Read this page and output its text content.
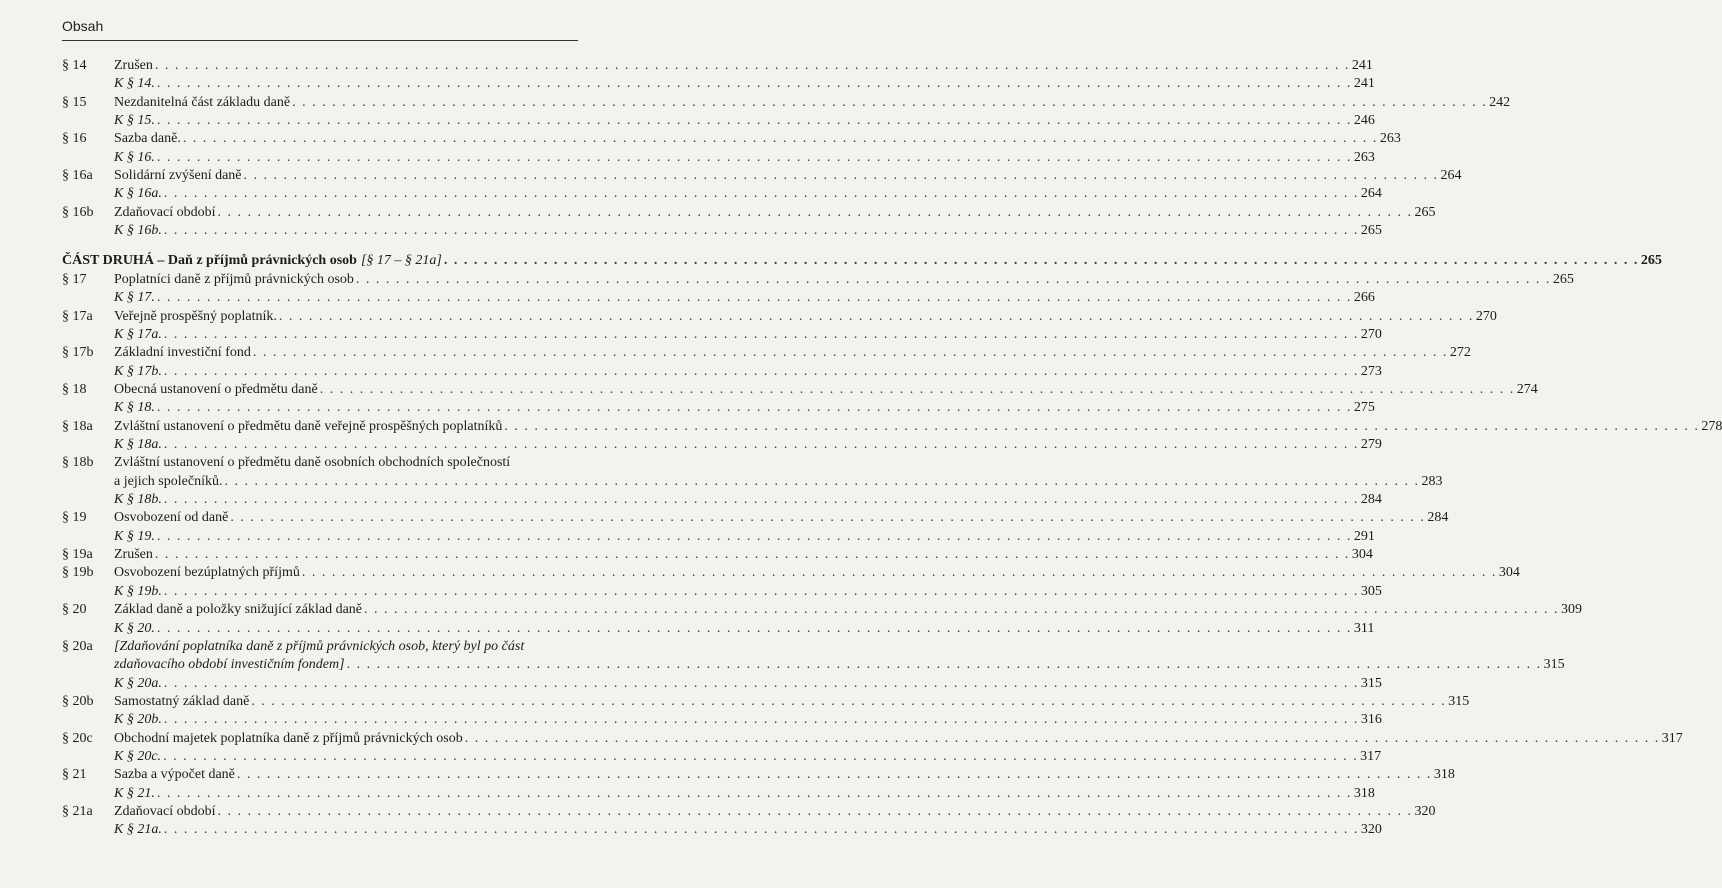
Obsah
§ 14 Zrušen . . . . . . . . . . . . . . . . . . . . . . . . . . . . . . . . . . . . . . . . . . . . . . . . . . . . . . . . . . . . . . . . . . . . . . . . . . . . . . . . . . . . . . . . . . . . . . . . . . . . . . . . . . . . . . . . . . . . . . . . 241
K § 14. . . . . . . . . . . . . . . . . . . . . . . . . . . . . . . . . . . . . . . . . . . . . . . . . . . . . . . . . . . . . . . . . . . . . . . . . . . . . . . . . . . . . . . . . . . . . . . . . . . . . . . . . . . . . . . . . . . . . . . . . 241
§ 15 Nezdanitelná část základu daně . . . . . . . . . . . . . . . . . . . . . . . . . . . . . . . . . . . . . . . . . . . . . . . . . . . . . . . . . . . . . . . . . . . . . . . . . . . . . . . . . . . . . . . . . . . . . . . . . . . . . . . . . . . . . . . . . . . . . . . . 242
K § 15. . . . . . . . . . . . . . . . . . . . . . . . . . . . . . . . . . . . . . . . . . . . . . . . . . . . . . . . . . . . . . . . . . . . . . . . . . . . . . . . . . . . . . . . . . . . . . . . . . . . . . . . . . . . . . . . . . . . . . . . . 246
§ 16 Sazba daně. . . . . . . . . . . . . . . . . . . . . . . . . . . . . . . . . . . . . . . . . . . . . . . . . . . . . . . . . . . . . . . . . . . . . . . . . . . . . . . . . . . . . . . . . . . . . . . . . . . . . . . . . . . . . . . . . . . . . . . . . 263
K § 16. . . . . . . . . . . . . . . . . . . . . . . . . . . . . . . . . . . . . . . . . . . . . . . . . . . . . . . . . . . . . . . . . . . . . . . . . . . . . . . . . . . . . . . . . . . . . . . . . . . . . . . . . . . . . . . . . . . . . . . . . 263
§ 16a Solidární zvýšení daně . . . . . . . . . . . . . . . . . . . . . . . . . . . . . . . . . . . . . . . . . . . . . . . . . . . . . . . . . . . . . . . . . . . . . . . . . . . . . . . . . . . . . . . . . . . . . . . . . . . . . . . . . . . . . . . . . . . . . . . . 264
K § 16a. . . . . . . . . . . . . . . . . . . . . . . . . . . . . . . . . . . . . . . . . . . . . . . . . . . . . . . . . . . . . . . . . . . . . . . . . . . . . . . . . . . . . . . . . . . . . . . . . . . . . . . . . . . . . . . . . . . . . . . . . 264
§ 16b Zdaňovací období . . . . . . . . . . . . . . . . . . . . . . . . . . . . . . . . . . . . . . . . . . . . . . . . . . . . . . . . . . . . . . . . . . . . . . . . . . . . . . . . . . . . . . . . . . . . . . . . . . . . . . . . . . . . . . . . . . . . . . . . 265
K § 16b. . . . . . . . . . . . . . . . . . . . . . . . . . . . . . . . . . . . . . . . . . . . . . . . . . . . . . . . . . . . . . . . . . . . . . . . . . . . . . . . . . . . . . . . . . . . . . . . . . . . . . . . . . . . . . . . . . . . . . . . . 265
ČÁST DRUHÁ – Daň z příjmů právnických osob [§ 17 – § 21a] . . . . . . . . . . . . . . . . . . . . . . . . . . . . . . . . . . . . . . . . . . . . . . . . . . . . . . . . . . . . . . . . . . . . . . . . . . . . . . . . . . . . . . . . . . . . . . . . . . . . . . . . . . . . . . . . . . . . . . . . 265
§ 17 Poplatníci daně z příjmů právnických osob . . . . . . . . . . . . . . . . . . . . . . . . . . . . . . . . . . . . . . . . . . . . . . . . . . . . . . . . . . . . . . . . . . . . . . . . . . . . . . . . . . . . . . . . . . . . . . . . . . . . . . . . . . . . . . . . . . . . . . . . 265
K § 17. . . . . . . . . . . . . . . . . . . . . . . . . . . . . . . . . . . . . . . . . . . . . . . . . . . . . . . . . . . . . . . . . . . . . . . . . . . . . . . . . . . . . . . . . . . . . . . . . . . . . . . . . . . . . . . . . . . . . . . . . 266
§ 17a Veřejně prospěšný poplatník. . . . . . . . . . . . . . . . . . . . . . . . . . . . . . . . . . . . . . . . . . . . . . . . . . . . . . . . . . . . . . . . . . . . . . . . . . . . . . . . . . . . . . . . . . . . . . . . . . . . . . . . . . . . . . . . . . . . . . . . . 270
K § 17a. . . . . . . . . . . . . . . . . . . . . . . . . . . . . . . . . . . . . . . . . . . . . . . . . . . . . . . . . . . . . . . . . . . . . . . . . . . . . . . . . . . . . . . . . . . . . . . . . . . . . . . . . . . . . . . . . . . . . . . . . 270
§ 17b Základní investiční fond . . . . . . . . . . . . . . . . . . . . . . . . . . . . . . . . . . . . . . . . . . . . . . . . . . . . . . . . . . . . . . . . . . . . . . . . . . . . . . . . . . . . . . . . . . . . . . . . . . . . . . . . . . . . . . . . . . . . . . . . 272
K § 17b. . . . . . . . . . . . . . . . . . . . . . . . . . . . . . . . . . . . . . . . . . . . . . . . . . . . . . . . . . . . . . . . . . . . . . . . . . . . . . . . . . . . . . . . . . . . . . . . . . . . . . . . . . . . . . . . . . . . . . . . . 273
§ 18 Obecná ustanovení o předmětu daně . . . . . . . . . . . . . . . . . . . . . . . . . . . . . . . . . . . . . . . . . . . . . . . . . . . . . . . . . . . . . . . . . . . . . . . . . . . . . . . . . . . . . . . . . . . . . . . . . . . . . . . . . . . . . . . . . . . . . . . . 274
K § 18. . . . . . . . . . . . . . . . . . . . . . . . . . . . . . . . . . . . . . . . . . . . . . . . . . . . . . . . . . . . . . . . . . . . . . . . . . . . . . . . . . . . . . . . . . . . . . . . . . . . . . . . . . . . . . . . . . . . . . . . . 275
§ 18a Zvláštní ustanovení o předmětu daně veřejně prospěšných poplatníků . . . . . . . . . . . . . . . . . . . . . . . . . . . . . . . . . . . . . . . . . . . . . . . . . . . . . . . . . . . . . . . . . . . . . . . . . . . . . . . . . . . . . . . . . . . . . . . . . . . . . . . . . . . . . . . . . . . . . . . . 278
K § 18a. . . . . . . . . . . . . . . . . . . . . . . . . . . . . . . . . . . . . . . . . . . . . . . . . . . . . . . . . . . . . . . . . . . . . . . . . . . . . . . . . . . . . . . . . . . . . . . . . . . . . . . . . . . . . . . . . . . . . . . . . 279
§ 18b Zvláštní ustanovení o předmětu daně osobních obchodních společností
a jejich společníků. . . . . . . . . . . . . . . . . . . . . . . . . . . . . . . . . . . . . . . . . . . . . . . . . . . . . . . . . . . . . . . . . . . . . . . . . . . . . . . . . . . . . . . . . . . . . . . . . . . . . . . . . . . . . . . . . . . . . . . . . 283
K § 18b. . . . . . . . . . . . . . . . . . . . . . . . . . . . . . . . . . . . . . . . . . . . . . . . . . . . . . . . . . . . . . . . . . . . . . . . . . . . . . . . . . . . . . . . . . . . . . . . . . . . . . . . . . . . . . . . . . . . . . . . . 284
§ 19 Osvobození od daně . . . . . . . . . . . . . . . . . . . . . . . . . . . . . . . . . . . . . . . . . . . . . . . . . . . . . . . . . . . . . . . . . . . . . . . . . . . . . . . . . . . . . . . . . . . . . . . . . . . . . . . . . . . . . . . . . . . . . . . . 284
K § 19. . . . . . . . . . . . . . . . . . . . . . . . . . . . . . . . . . . . . . . . . . . . . . . . . . . . . . . . . . . . . . . . . . . . . . . . . . . . . . . . . . . . . . . . . . . . . . . . . . . . . . . . . . . . . . . . . . . . . . . . . 291
§ 19a Zrušen . . . . . . . . . . . . . . . . . . . . . . . . . . . . . . . . . . . . . . . . . . . . . . . . . . . . . . . . . . . . . . . . . . . . . . . . . . . . . . . . . . . . . . . . . . . . . . . . . . . . . . . . . . . . . . . . . . . . . . . . 304
§ 19b Osvobození bezúplatných příjmů . . . . . . . . . . . . . . . . . . . . . . . . . . . . . . . . . . . . . . . . . . . . . . . . . . . . . . . . . . . . . . . . . . . . . . . . . . . . . . . . . . . . . . . . . . . . . . . . . . . . . . . . . . . . . . . . . . . . . . . . 304
K § 19b. . . . . . . . . . . . . . . . . . . . . . . . . . . . . . . . . . . . . . . . . . . . . . . . . . . . . . . . . . . . . . . . . . . . . . . . . . . . . . . . . . . . . . . . . . . . . . . . . . . . . . . . . . . . . . . . . . . . . . . . . 305
§ 20 Základ daně a položky snižující základ daně . . . . . . . . . . . . . . . . . . . . . . . . . . . . . . . . . . . . . . . . . . . . . . . . . . . . . . . . . . . . . . . . . . . . . . . . . . . . . . . . . . . . . . . . . . . . . . . . . . . . . . . . . . . . . . . . . . . . . . . . 309
K § 20. . . . . . . . . . . . . . . . . . . . . . . . . . . . . . . . . . . . . . . . . . . . . . . . . . . . . . . . . . . . . . . . . . . . . . . . . . . . . . . . . . . . . . . . . . . . . . . . . . . . . . . . . . . . . . . . . . . . . . . . . 311
§ 20a [Zdaňování poplatníka daně z příjmů právnických osob, který byl po část
zdaňovacího období investičním fondem] . . . . . . . . . . . . . . . . . . . . . . . . . . . . . . . . . . . . . . . . . . . . . . . . . . . . . . . . . . . . . . . . . . . . . . . . . . . . . . . . . . . . . . . . . . . . . . . . . . . . . . . . . . . . . . . . . . . . . . . . 315
K § 20a. . . . . . . . . . . . . . . . . . . . . . . . . . . . . . . . . . . . . . . . . . . . . . . . . . . . . . . . . . . . . . . . . . . . . . . . . . . . . . . . . . . . . . . . . . . . . . . . . . . . . . . . . . . . . . . . . . . . . . . . . 315
§ 20b Samostatný základ daně . . . . . . . . . . . . . . . . . . . . . . . . . . . . . . . . . . . . . . . . . . . . . . . . . . . . . . . . . . . . . . . . . . . . . . . . . . . . . . . . . . . . . . . . . . . . . . . . . . . . . . . . . . . . . . . . . . . . . . . . 315
K § 20b. . . . . . . . . . . . . . . . . . . . . . . . . . . . . . . . . . . . . . . . . . . . . . . . . . . . . . . . . . . . . . . . . . . . . . . . . . . . . . . . . . . . . . . . . . . . . . . . . . . . . . . . . . . . . . . . . . . . . . . . . 316
§ 20c Obchodní majetek poplatníka daně z příjmů právnických osob . . . . . . . . . . . . . . . . . . . . . . . . . . . . . . . . . . . . . . . . . . . . . . . . . . . . . . . . . . . . . . . . . . . . . . . . . . . . . . . . . . . . . . . . . . . . . . . . . . . . . . . . . . . . . . . . . . . . . . . . 317
K § 20c. . . . . . . . . . . . . . . . . . . . . . . . . . . . . . . . . . . . . . . . . . . . . . . . . . . . . . . . . . . . . . . . . . . . . . . . . . . . . . . . . . . . . . . . . . . . . . . . . . . . . . . . . . . . . . . . . . . . . . . . . 317
§ 21 Sazba a výpočet daně . . . . . . . . . . . . . . . . . . . . . . . . . . . . . . . . . . . . . . . . . . . . . . . . . . . . . . . . . . . . . . . . . . . . . . . . . . . . . . . . . . . . . . . . . . . . . . . . . . . . . . . . . . . . . . . . . . . . . . . . 318
K § 21. . . . . . . . . . . . . . . . . . . . . . . . . . . . . . . . . . . . . . . . . . . . . . . . . . . . . . . . . . . . . . . . . . . . . . . . . . . . . . . . . . . . . . . . . . . . . . . . . . . . . . . . . . . . . . . . . . . . . . . . . 318
§ 21a Zdaňovací období . . . . . . . . . . . . . . . . . . . . . . . . . . . . . . . . . . . . . . . . . . . . . . . . . . . . . . . . . . . . . . . . . . . . . . . . . . . . . . . . . . . . . . . . . . . . . . . . . . . . . . . . . . . . . . . . . . . . . . . . 320
K § 21a. . . . . . . . . . . . . . . . . . . . . . . . . . . . . . . . . . . . . . . . . . . . . . . . . . . . . . . . . . . . . . . . . . . . . . . . . . . . . . . . . . . . . . . . . . . . . . . . . . . . . . . . . . . . . . . . . . . . . . . . . 320
